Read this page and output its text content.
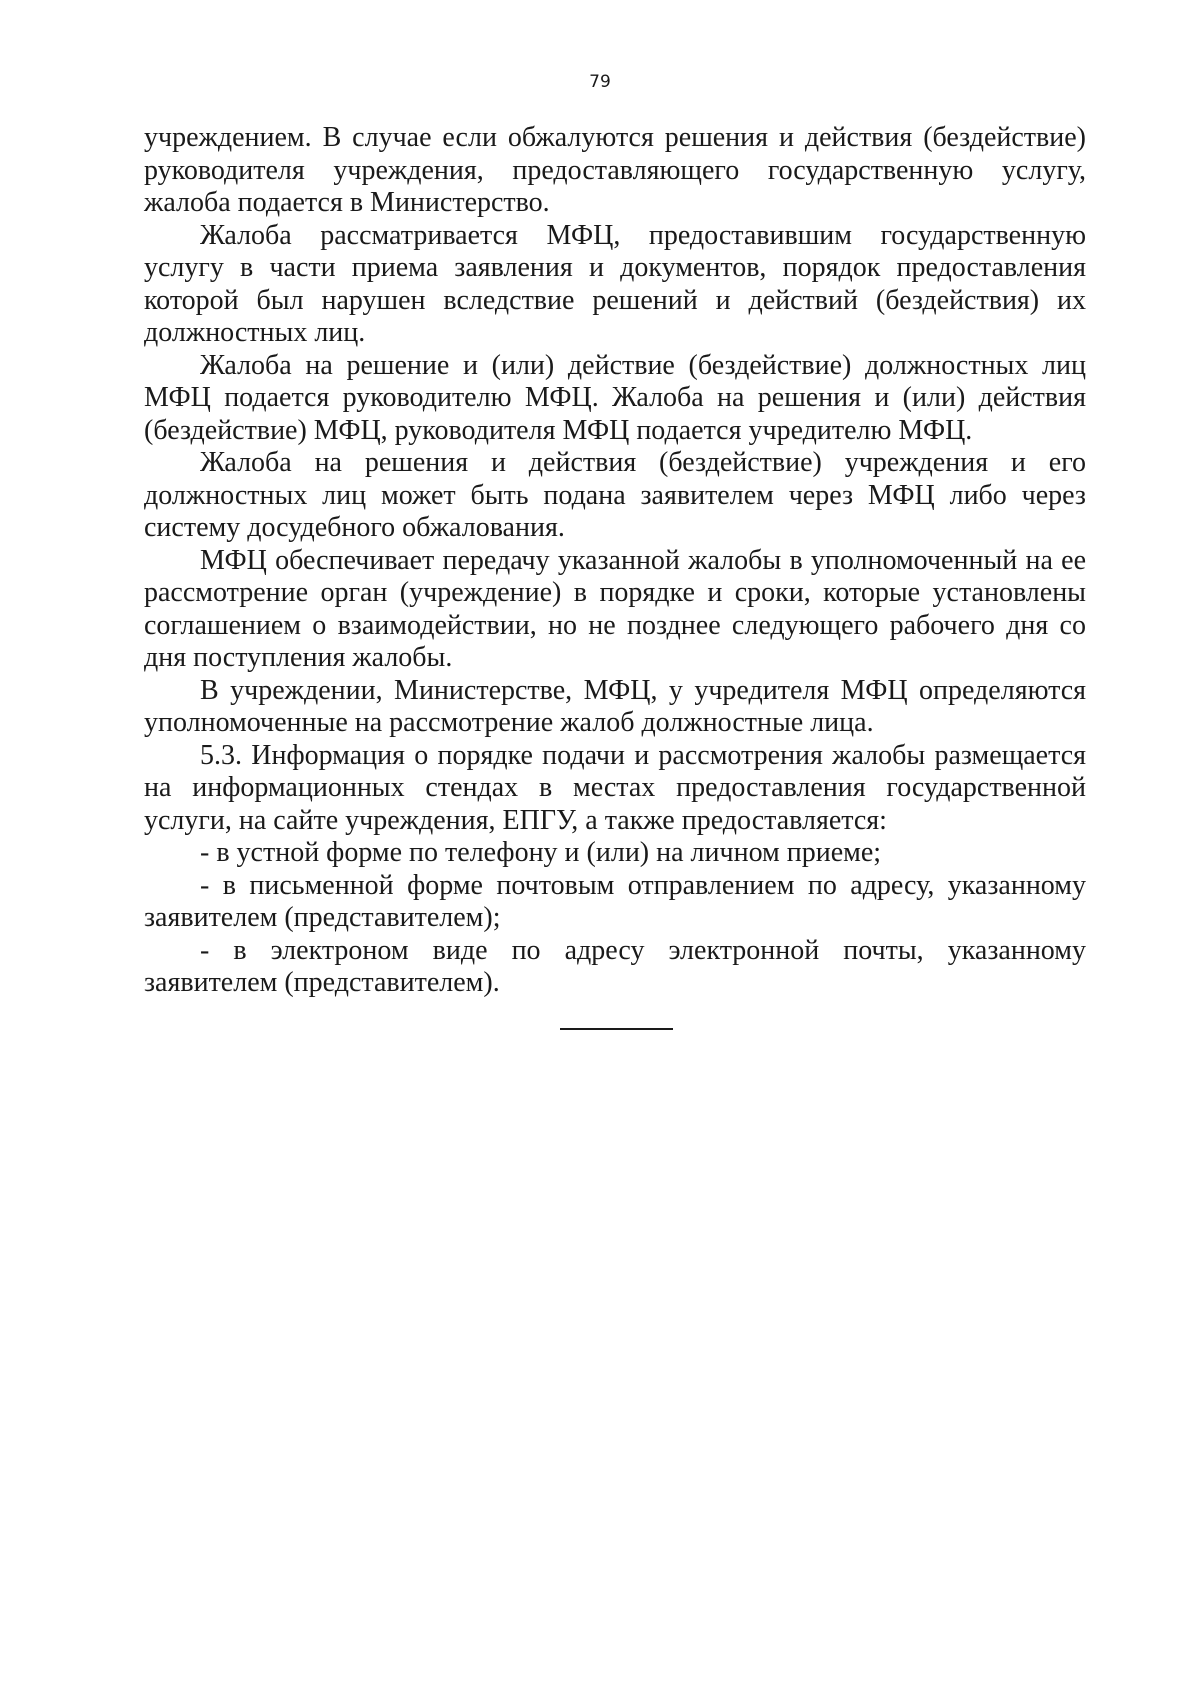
79

учреждением. В случае если обжалуются решения и действия (бездействие) руководителя учреждения, предоставляющего государственную услугу, жалоба подается в Министерство.

Жалоба рассматривается МФЦ, предоставившим государственную услугу в части приема заявления и документов, порядок предоставления которой был нарушен вследствие решений и действий (бездействия) их должностных лиц.

Жалоба на решение и (или) действие (бездействие) должностных лиц МФЦ подается руководителю МФЦ. Жалоба на решения и (или) действия (бездействие) МФЦ, руководителя МФЦ подается учредителю МФЦ.

Жалоба на решения и действия (бездействие) учреждения и его должностных лиц может быть подана заявителем через МФЦ либо через систему досудебного обжалования.

МФЦ обеспечивает передачу указанной жалобы в уполномоченный на ее рассмотрение орган (учреждение) в порядке и сроки, которые установлены соглашением о взаимодействии, но не позднее следующего рабочего дня со дня поступления жалобы.

В учреждении, Министерстве, МФЦ, у учредителя МФЦ определяются уполномоченные на рассмотрение жалоб должностные лица.

5.3. Информация о порядке подачи и рассмотрения жалобы размещается на информационных стендах в местах предоставления государственной услуги, на сайте учреждения, ЕПГУ, а также предоставляется:

- в устной форме по телефону и (или) на личном приеме;

- в письменной форме почтовым отправлением по адресу, указанному заявителем (представителем);

- в электроном виде по адресу электронной почты, указанному заявителем (представителем).
